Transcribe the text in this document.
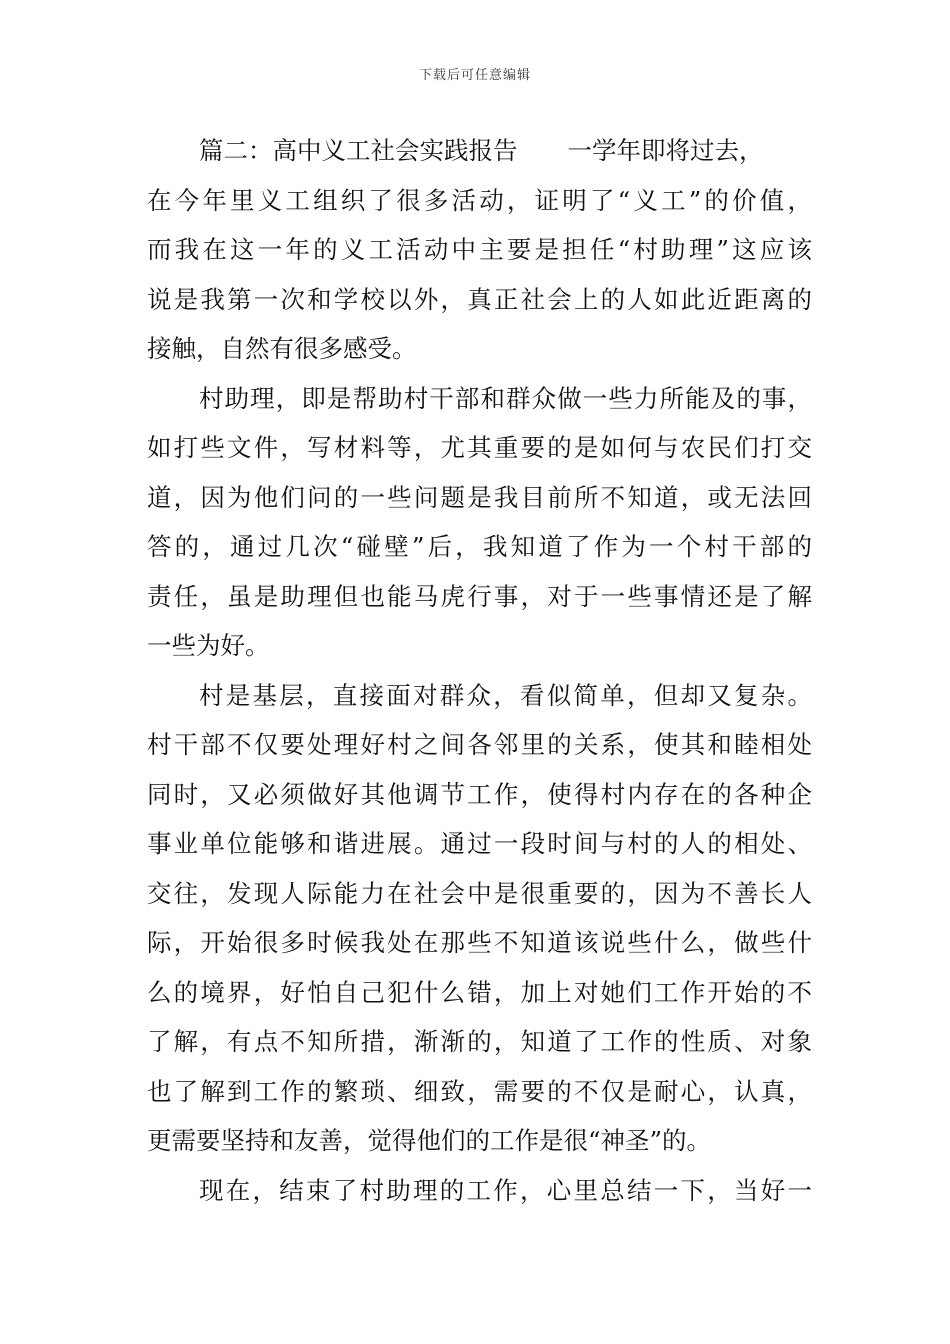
下载后可任意编辑
篇二：高中义工社会实践报告 一学年即将过去，
在今年里义工组织了很多活动，证明了“义工”的价值，
而我在这一年的义工活动中主要是担任“村助理”这应该
说是我第一次和学校以外，真正社会上的人如此近距离的
接触，自然有很多感受。
村助理，即是帮助村干部和群众做一些力所能及的事，
如打些文件，写材料等，尤其重要的是如何与农民们打交
道，因为他们问的一些问题是我目前所不知道，或无法回
答的，通过几次“碰壁”后，我知道了作为一个村干部的
责任，虽是助理但也能马虎行事，对于一些事情还是了解
一些为好。
村是基层，直接面对群众，看似简单，但却又复杂。
村干部不仅要处理好村之间各邻里的关系，使其和睦相处
同时，又必须做好其他调节工作，使得村内存在的各种企
事业单位能够和谐进展。通过一段时间与村的人的相处、
交往，发现人际能力在社会中是很重要的，因为不善长人
际，开始很多时候我处在那些不知道该说些什么，做些什
么的境界，好怕自己犯什么错，加上对她们工作开始的不
了解，有点不知所措，渐渐的，知道了工作的性质、对象
也了解到工作的繁琐、细致，需要的不仅是耐心，认真，
更需要坚持和友善，觉得他们的工作是很“神圣”的。
现在，结束了村助理的工作，心里总结一下，当好一
